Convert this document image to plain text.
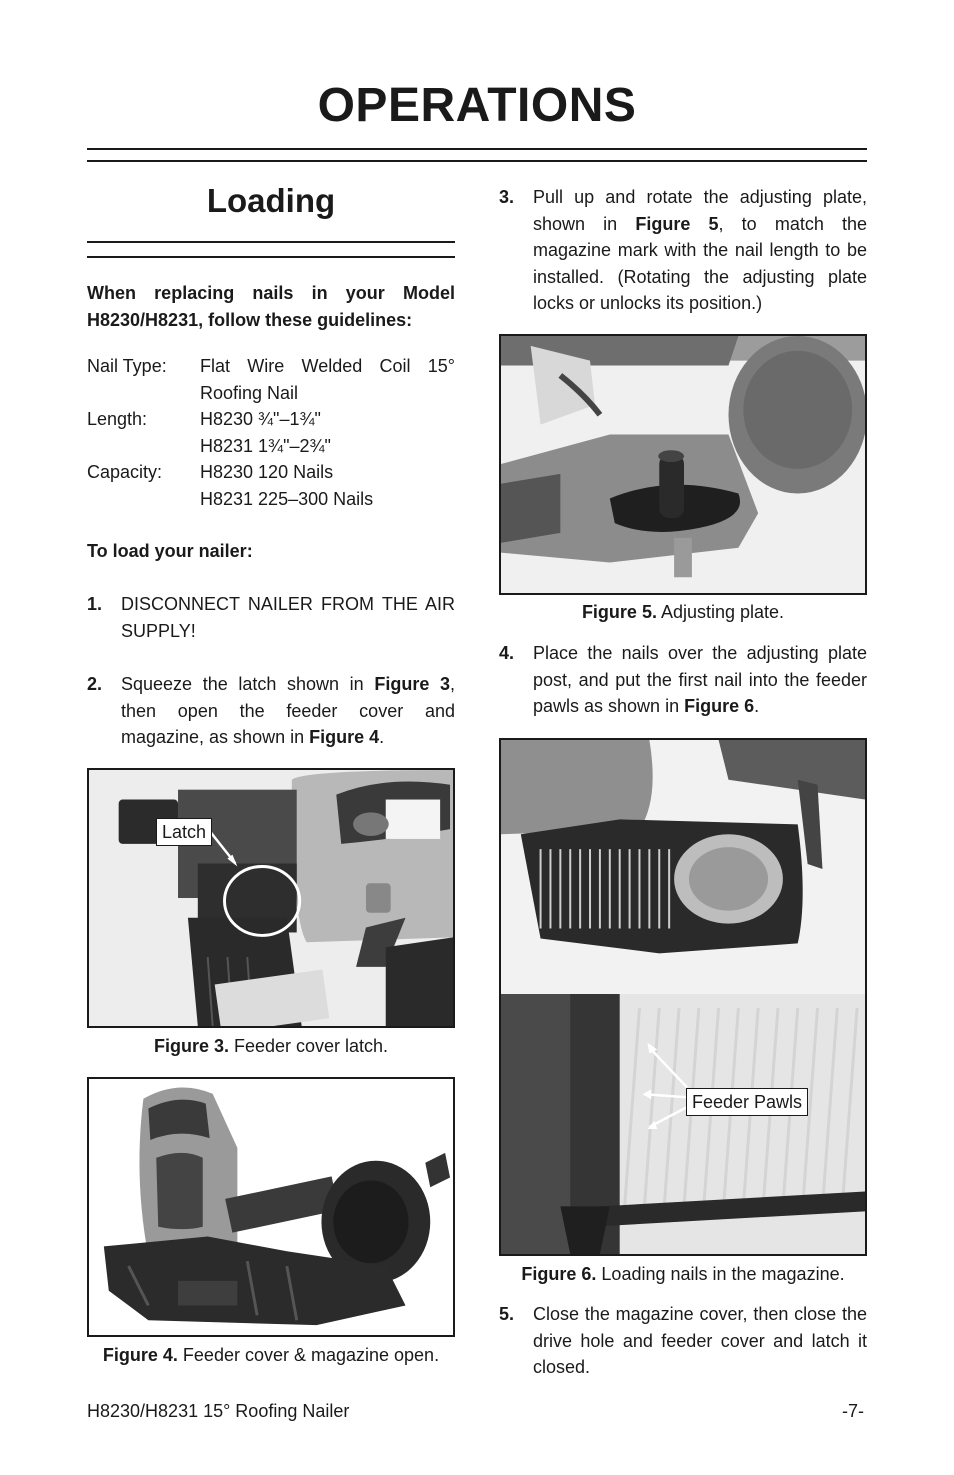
OPERATIONS
Loading
When replacing nails in your Model H8230/H8231, follow these guidelines:
Nail Type: Flat Wire Welded Coil 15°
Roofing Nail
Length:	H8230 ¾"–1¾"
H8231 1¾"–2¾"
Capacity: H8230 120 Nails
H8231 225–300 Nails
To load your nailer:
1. DISCONNECT NAILER FROM THE AIR SUPPLY!
2. Squeeze the latch shown in Figure 3, then open the feeder cover and magazine, as shown in Figure 4.
Latch
Figure 3. Feeder cover latch.
Figure 4. Feeder cover & magazine open.
3. Pull up and rotate the adjusting plate, shown in Figure 5, to match the magazine mark with the nail length to be installed. (Rotating the adjusting plate locks or unlocks its position.)
Figure 5. Adjusting plate.
4. Place the nails over the adjusting plate post, and put the first nail into the feeder pawls as shown in Figure 6.
Feeder Pawls
Figure 6. Loading nails in the magazine.
5. Close the magazine cover, then close the drive hole and feeder cover and latch it closed.
H8230/H8231 15° Roofing Nailer	-7-
